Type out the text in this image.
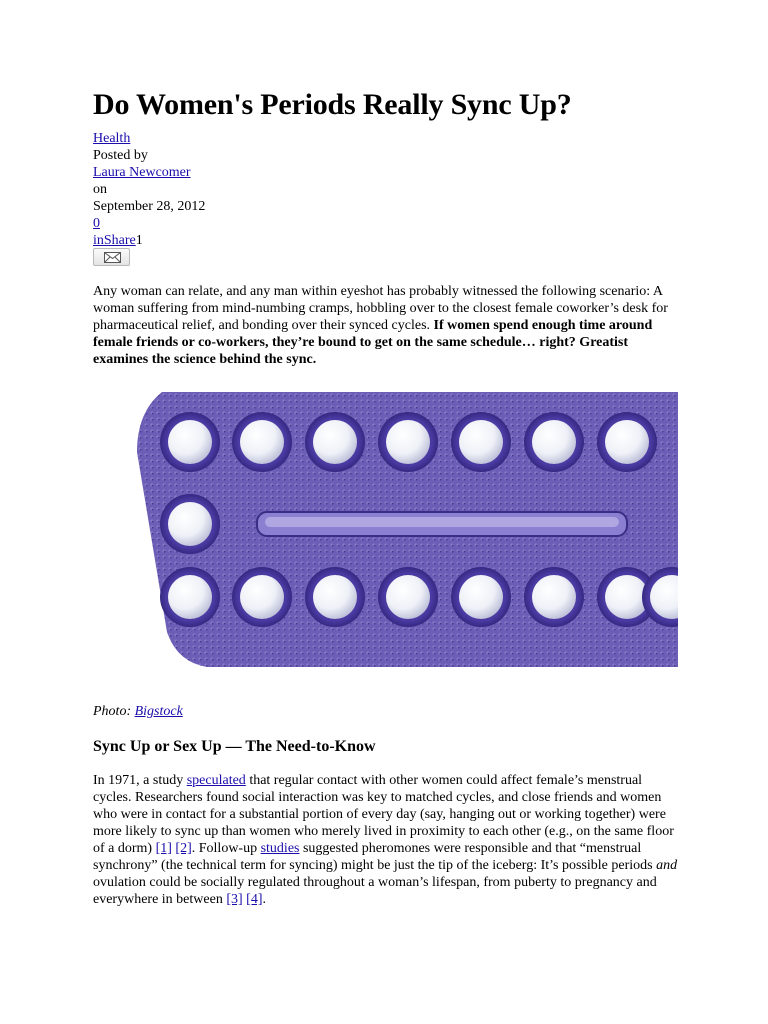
Do Women's Periods Really Sync Up?
Health
Posted by
Laura Newcomer
on
September 28, 2012
0
inShare1

Any woman can relate, and any man within eyeshot has probably witnessed the following scenario: A woman suffering from mind-numbing cramps, hobbling over to the closest female coworker’s desk for pharmaceutical relief, and bonding over their synced cycles. If women spend enough time around female friends or co-workers, they’re bound to get on the same schedule… right? Greatist examines the science behind the sync.

Photo: Bigstock

Sync Up or Sex Up — The Need-to-Know

In 1971, a study speculated that regular contact with other women could affect female’s menstrual cycles. Researchers found social interaction was key to matched cycles, and close friends and women who were in contact for a substantial portion of every day (say, hanging out or working together) were more likely to sync up than women who merely lived in proximity to each other (e.g., on the same floor of a dorm) [1] [2]. Follow-up studies suggested pheromones were responsible and that “menstrual synchrony” (the technical term for syncing) might be just the tip of the iceberg: It’s possible periods and ovulation could be socially regulated throughout a woman’s lifespan, from puberty to pregnancy and everywhere in between [3] [4].
